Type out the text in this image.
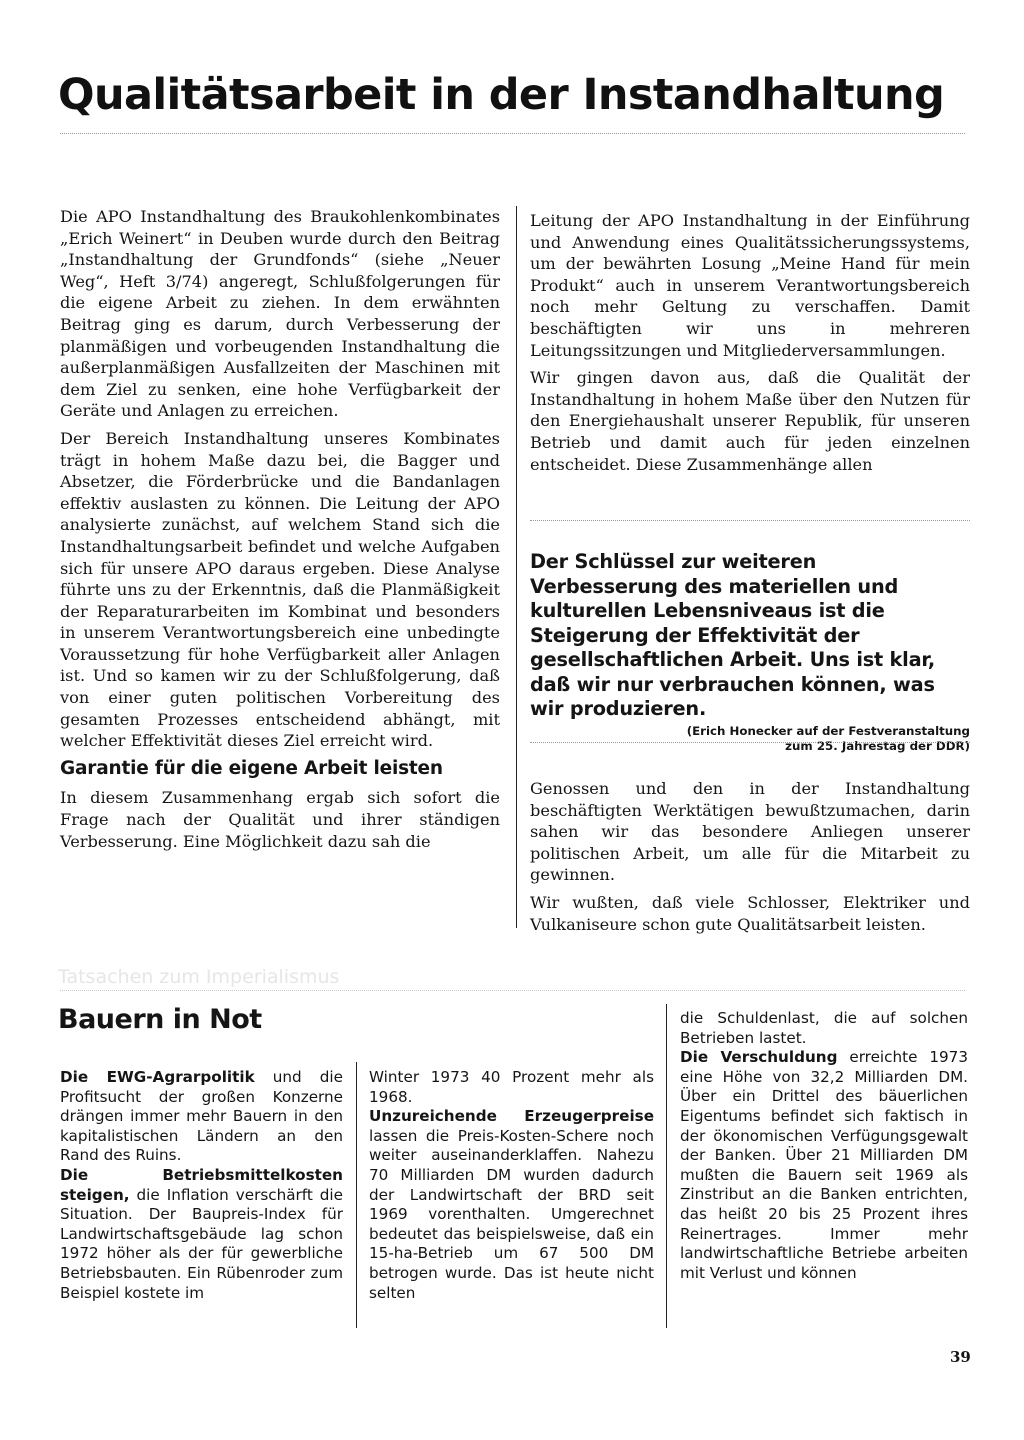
Qualitätsarbeit in der Instandhaltung

Die APO Instandhaltung des Braukohlenkombinates „Erich Weinert“ in Deuben wurde durch den Beitrag „Instandhaltung der Grundfonds“ (siehe „Neuer Weg“, Heft 3/74) angeregt, Schlußfolgerungen für die eigene Arbeit zu ziehen. In dem erwähnten Beitrag ging es darum, durch Verbesserung der planmäßigen und vorbeugenden Instandhaltung die außerplanmäßigen Ausfallzeiten der Maschinen mit dem Ziel zu senken, eine hohe Verfügbarkeit der Geräte und Anlagen zu erreichen.

Der Bereich Instandhaltung unseres Kombinates trägt in hohem Maße dazu bei, die Bagger und Absetzer, die Förderbrücke und die Bandanlagen effektiv auslasten zu können. Die Leitung der APO analysierte zunächst, auf welchem Stand sich die Instandhaltungsarbeit befindet und welche Aufgaben sich für unsere APO daraus ergeben. Diese Analyse führte uns zu der Erkenntnis, daß die Planmäßigkeit der Reparaturarbeiten im Kombinat und besonders in unserem Verantwortungsbereich eine unbedingte Voraussetzung für hohe Verfügbarkeit aller Anlagen ist. Und so kamen wir zu der Schlußfolgerung, daß von einer guten politischen Vorbereitung des gesamten Prozesses entscheidend abhängt, mit welcher Effektivität dieses Ziel erreicht wird.

Garantie für die eigene Arbeit leisten

In diesem Zusammenhang ergab sich sofort die Frage nach der Qualität und ihrer ständigen Verbesserung. Eine Möglichkeit dazu sah die

Leitung der APO Instandhaltung in der Einführung und Anwendung eines Qualitätssicherungssystems, um der bewährten Losung „Meine Hand für mein Produkt“ auch in unserem Verantwortungsbereich noch mehr Geltung zu verschaffen. Damit beschäftigten wir uns in mehreren Leitungssitzungen und Mitgliederversammlungen.

Wir gingen davon aus, daß die Qualität der Instandhaltung in hohem Maße über den Nutzen für den Energiehaushalt unserer Republik, für unseren Betrieb und damit auch für jeden einzelnen entscheidet. Diese Zusammenhänge allen

Der Schlüssel zur weiteren Verbesserung des materiellen und kulturellen Lebensniveaus ist die Steigerung der Effektivität der gesellschaftlichen Arbeit. Uns ist klar, daß wir nur verbrauchen können, was wir produzieren.

(Erich Honecker auf der Festveranstaltung
zum 25. Jahrestag der DDR)

Genossen und den in der Instandhaltung beschäftigten Werktätigen bewußtzumachen, darin sahen wir das besondere Anliegen unserer politischen Arbeit, um alle für die Mitarbeit zu gewinnen.

Wir wußten, daß viele Schlosser, Elektriker und Vulkaniseure schon gute Qualitätsarbeit leisten.

Tatsachen zum Imperialismus
Bauern in Not

Die EWG-Agrarpolitik und die Profitsucht der großen Konzerne drängen immer mehr Bauern in den kapitalistischen Ländern an den Rand des Ruins.

Die Betriebsmittelkosten steigen, die Inflation verschärft die Situation. Der Baupreis-Index für Landwirtschaftsgebäude lag schon 1972 höher als der für gewerbliche Betriebsbauten. Ein Rübenroder zum Beispiel kostete im

Winter 1973 40 Prozent mehr als 1968.

Unzureichende Erzeugerpreise lassen die Preis-Kosten-Schere noch weiter auseinanderklaffen. Nahezu 70 Milliarden DM wurden dadurch der Landwirtschaft der BRD seit 1969 vorenthalten. Umgerechnet bedeutet das beispielsweise, daß ein 15-ha-Betrieb um 67 500 DM betrogen wurde. Das ist heute nicht selten

die Schuldenlast, die auf solchen Betrieben lastet.

Die Verschuldung erreichte 1973 eine Höhe von 32,2 Milliarden DM. Über ein Drittel des bäuerlichen Eigentums befindet sich faktisch in der ökonomischen Verfügungsgewalt der Banken. Über 21 Milliarden DM mußten die Bauern seit 1969 als Zinstribut an die Banken entrichten, das heißt 20 bis 25 Prozent ihres Reinertrages. Immer mehr landwirtschaftliche Betriebe arbeiten mit Verlust und können

39
